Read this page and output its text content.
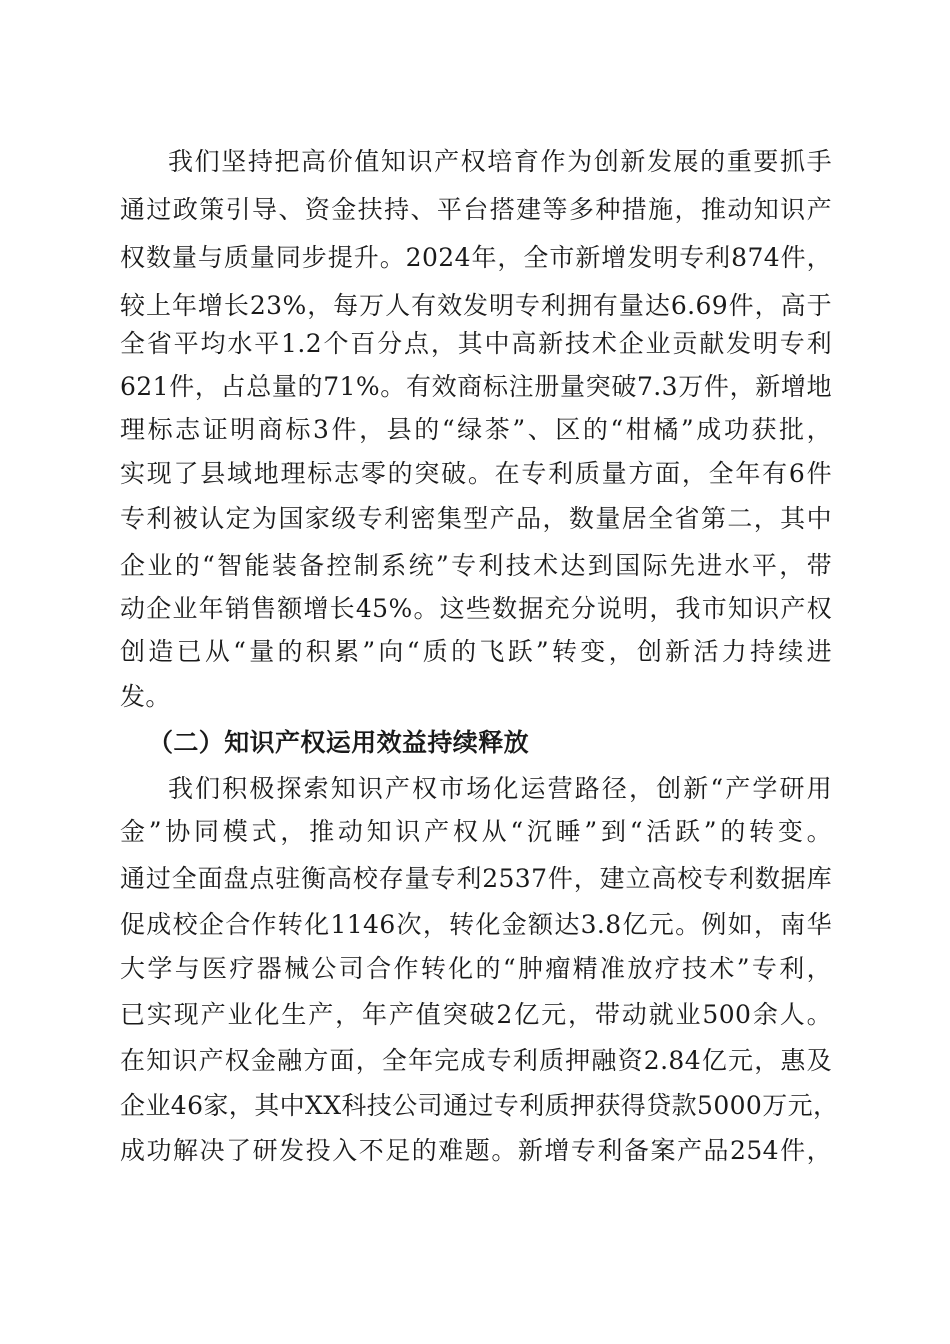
我们坚持把高价值知识产权培育作为创新发展的重要抓手
通过政策引导、资金扶持、平台搭建等多种措施，推动知识产
权数量与质量同步提升。2024年，全市新增发明专利874件，
较上年增长23%，每万人有效发明专利拥有量达6.69件，高于
全省平均水平1.2个百分点，其中高新技术企业贡献发明专利
621件，占总量的71%。有效商标注册量突破7.3万件，新增地
理标志证明商标3件，县的“绿茶”、区的“柑橘”成功获批，
实现了县域地理标志零的突破。在专利质量方面，全年有6件
专利被认定为国家级专利密集型产品，数量居全省第二，其中
企业的“智能装备控制系统”专利技术达到国际先进水平，带
动企业年销售额增长45%。这些数据充分说明，我市知识产权
创造已从“量的积累”向“质的飞跃”转变，创新活力持续进
发。
（二）知识产权运用效益持续释放
我们积极探索知识产权市场化运营路径，创新“产学研用
金”协同模式，推动知识产权从“沉睡”到“活跃”的转变。
通过全面盘点驻衡高校存量专利2537件，建立高校专利数据库
促成校企合作转化1146次，转化金额达3.8亿元。例如，南华
大学与医疗器械公司合作转化的“肿瘤精准放疗技术”专利，
已实现产业化生产，年产值突破2亿元，带动就业500余人。
在知识产权金融方面，全年完成专利质押融资2.84亿元，惠及
企业46家，其中XX科技公司通过专利质押获得贷款5000万元，
成功解决了研发投入不足的难题。新增专利备案产品254件，
